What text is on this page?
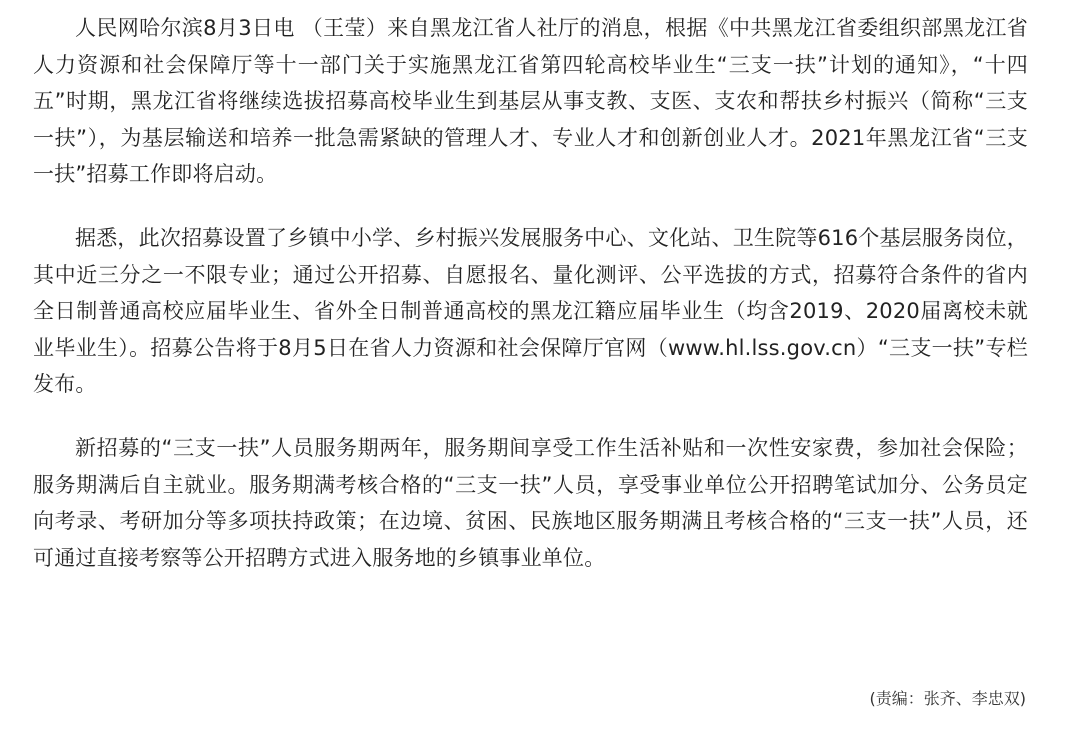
人民网哈尔滨8月3日电 （王莹）来自黑龙江省人社厅的消息，根据《中共黑龙江省委组织部黑龙江省人力资源和社会保障厅等十一部门关于实施黑龙江省第四轮高校毕业生“三支一扶”计划的通知》，“十四五”时期，黑龙江省将继续选拔招募高校毕业生到基层从事支教、支医、支农和帮扶乡村振兴（简称“三支一扶”），为基层输送和培养一批急需紧缺的管理人才、专业人才和创新创业人才。2021年黑龙江省“三支一扶”招募工作即将启动。

据悉，此次招募设置了乡镇中小学、乡村振兴发展服务中心、文化站、卫生院等616个基层服务岗位，其中近三分之一不限专业；通过公开招募、自愿报名、量化测评、公平选拔的方式，招募符合条件的省内全日制普通高校应届毕业生、省外全日制普通高校的黑龙江籍应届毕业生（均含2019、2020届离校未就业毕业生）。招募公告将于8月5日在省人力资源和社会保障厅官网（www.hl.lss.gov.cn）“三支一扶”专栏发布。

新招募的“三支一扶”人员服务期两年，服务期间享受工作生活补贴和一次性安家费，参加社会保险；服务期满后自主就业。服务期满考核合格的“三支一扶”人员，享受事业单位公开招聘笔试加分、公务员定向考录、考研加分等多项扶持政策；在边境、贫困、民族地区服务期满且考核合格的“三支一扶”人员，还可通过直接考察等公开招聘方式进入服务地的乡镇事业单位。

(责编：张齐、李忠双)
